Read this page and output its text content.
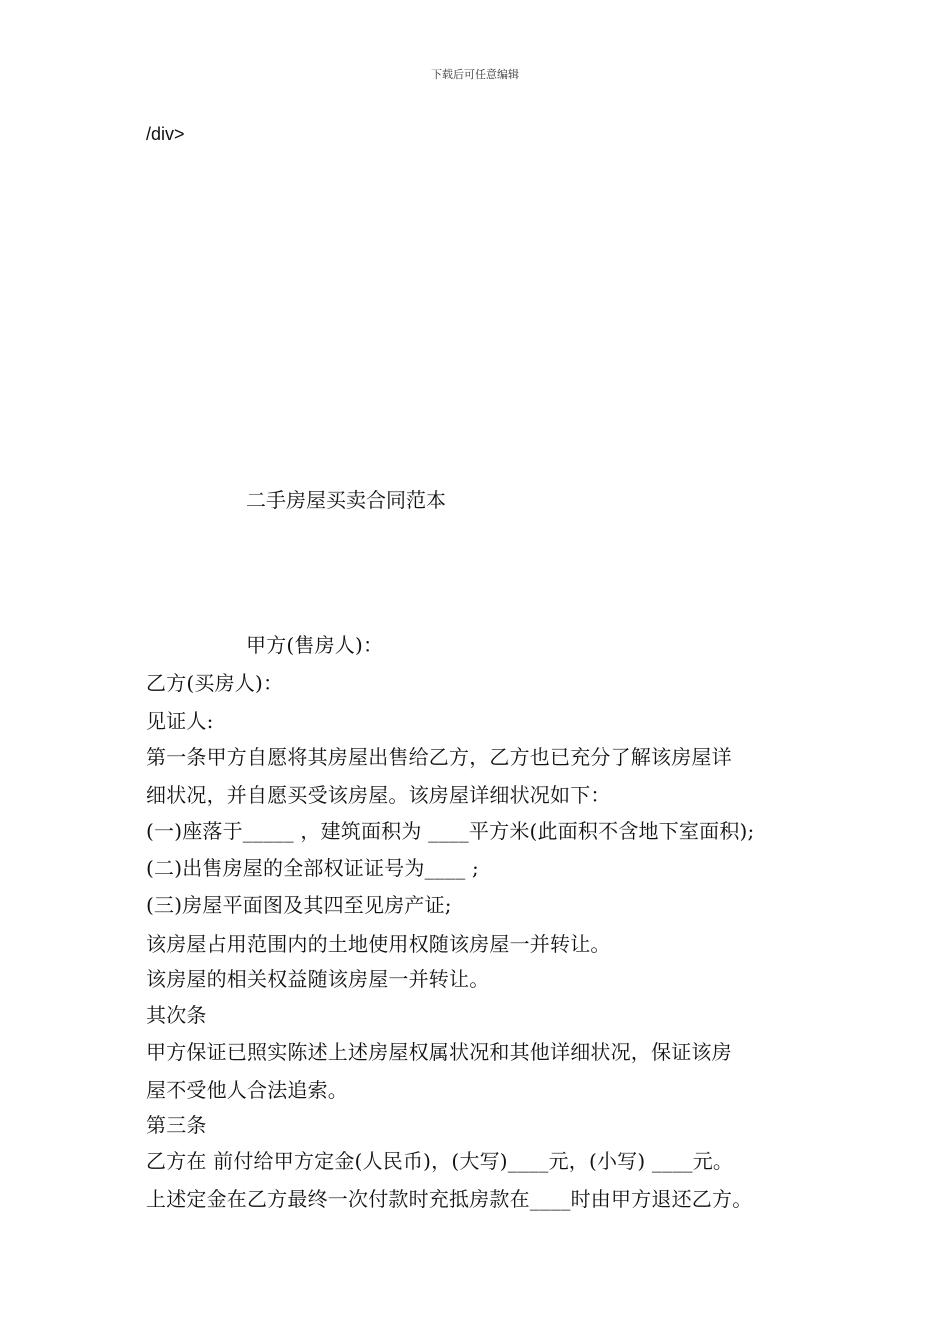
下载后可任意编辑
/div>
二手房屋买卖合同范本
甲方(售房人)：
乙方(买房人)：
见证人:
第一条甲方自愿将其房屋出售给乙方，乙方也已充分了解该房屋详
细状况，并自愿买受该房屋。该房屋详细状况如下：
(一)座落于_____ ，建筑面积为 ____平方米(此面积不含地下室面积);
(二)出售房屋的全部权证证号为____ ;
(三)房屋平面图及其四至见房产证;
该房屋占用范围内的土地使用权随该房屋一并转让。
该房屋的相关权益随该房屋一并转让。
其次条
甲方保证已照实陈述上述房屋权属状况和其他详细状况，保证该房
屋不受他人合法追索。
第三条
乙方在 前付给甲方定金(人民币)，(大写)____元，(小写) ____元。
上述定金在乙方最终一次付款时充抵房款在____时由甲方退还乙方。
